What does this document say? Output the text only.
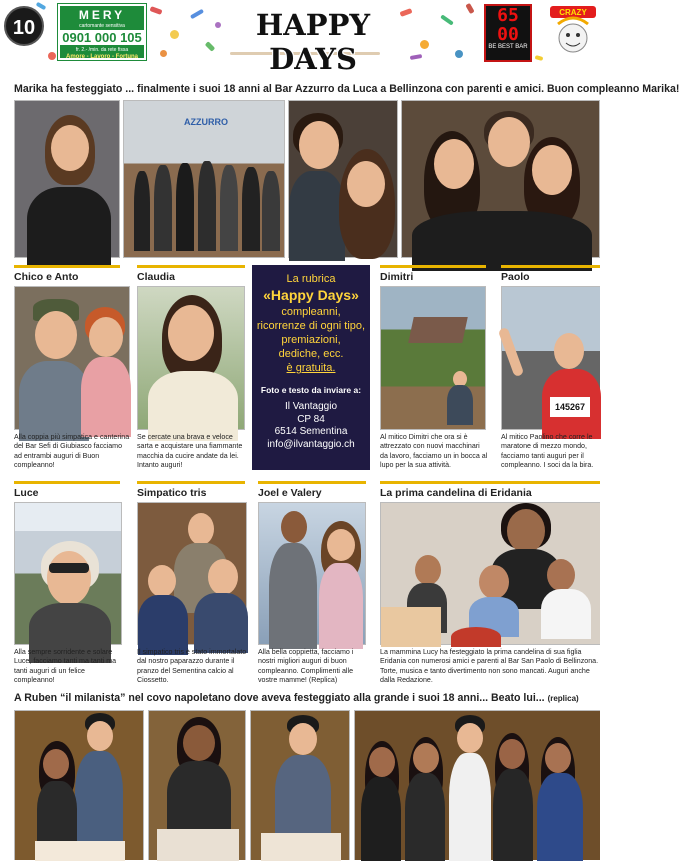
10
MERY
cartomante sensitiva
0901 000 105
fr. 2.- /min. da rete fissa
Amore - Lavoro - Fortuna
HAPPY DAYS
65
00
BE BEST BAR
CRAZY
Marika ha festeggiato ... finalmente i suoi 18 anni al Bar Azzurro da Luca a Bellinzona con parenti e amici. Buon compleanno Marika!
AZZURRO
Chico e Anto
Alla coppia più simpatica e canterina del Bar Sefi di Giubiasco facciamo ad entrambi auguri di Buon compleanno!
Claudia
Se cercate una brava e veloce sarta e acquistare una fiammante macchia da cucire andate da lei. Intanto auguri!
La rubrica
«Happy Days»
compleanni,
ricorrenze di ogni tipo,
premiazioni,
dediche, ecc.
è gratuita.
Foto e testo da inviare a:
Il Vantaggio
CP 84
6514 Sementina
info@ilvantaggio.ch
Dimitri
Al mitico Dimitri che ora si è attrezzato con nuovi macchinari da lavoro, facciamo un in bocca al lupo per la sua attività.
Paolo
145267
Al mitico Paolino che corre le maratone di mezzo mondo, facciamo tanti auguri per il compleanno. I soci da la bira.
Luce
Alla sempre sorridente e solare Luce, facciamo tanti ma tanti ma tanti auguri di un felice compleanno!
Simpatico tris
Il simpatico tris è stato immortalato dal nostro paparazzo durante il pranzo del Sementina calcio al Ciossetto.
Joel e Valery
Alla bella coppietta, facciamo i nostri migliori auguri di buon compleanno. Complimenti alle vostre mamme! (Replica)
La prima candelina di Eridania
La mammina Lucy ha festeggiato la prima candelina di sua figlia Eridania con numerosi amici e parenti al Bar San Paolo di Bellinzona. Torte, musica e tanto divertimento non sono mancati. Auguri anche dalla Redazione.
A Ruben “il milanista” nel covo napoletano dove aveva festeggiato alla grande i suoi 18 anni... Beato lui... (replica)
